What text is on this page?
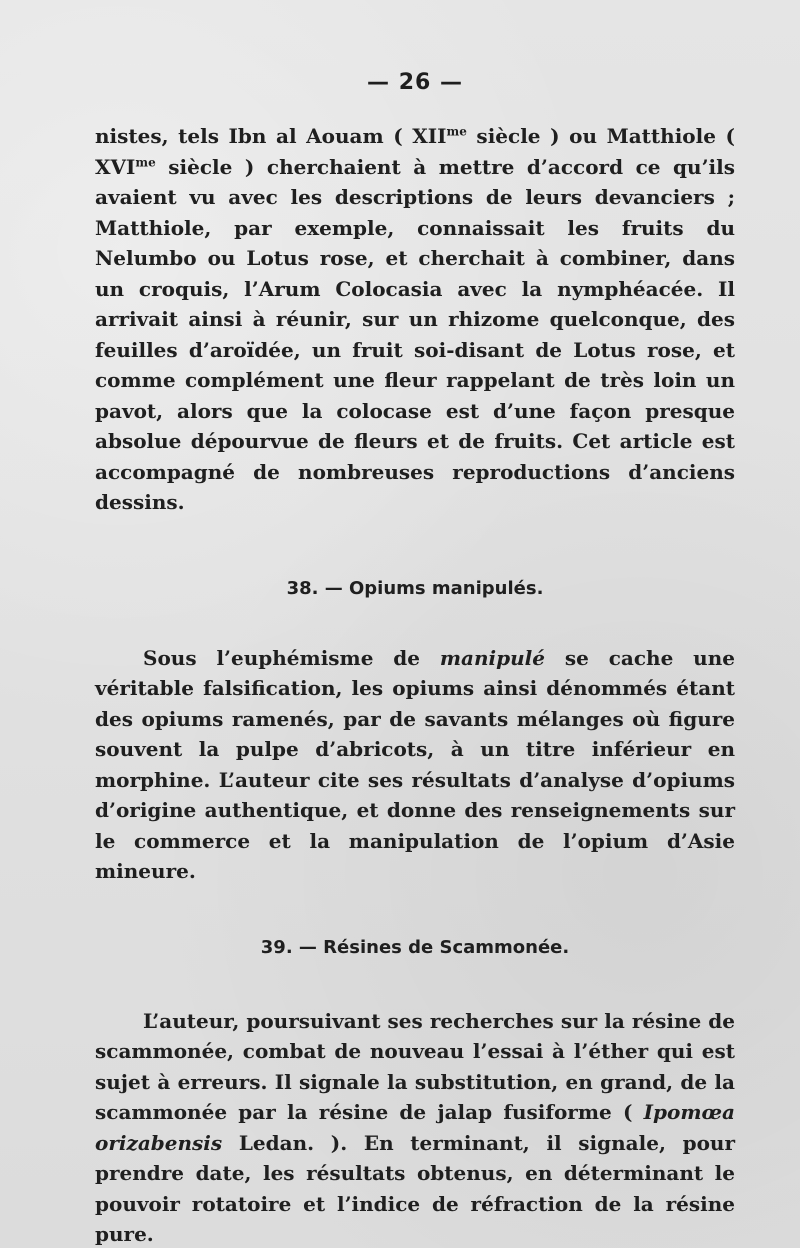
— 26 —

nistes, tels Ibn al Aouam ( $XII^{me}$ siècle ) ou Matthiole ( $XVI^{me}$ siècle ) cherchaient à mettre d’accord ce qu’ils avaient vu avec les descriptions de leurs devanciers ; Matthiole, par exemple, connaissait les fruits du Nelumbo ou Lotus rose, et cherchait à combiner, dans un croquis, l’Arum Colocasia avec la nymphéacée. Il arrivait ainsi à réunir, sur un rhizome quelconque, des feuilles d’aroïdée, un fruit soi-disant de Lotus rose, et comme complément une fleur rappelant de très loin un pavot, alors que la colocase est d’une façon presque absolue dépourvue de fleurs et de fruits. Cet article est accompagné de nombreuses reproductions d’anciens dessins.

38. — Opiums manipulés.

Sous l’euphémisme de manipulé se cache une véritable falsification, les opiums ainsi dénommés étant des opiums ramenés, par de savants mélanges où figure souvent la pulpe d’abricots, à un titre inférieur en morphine. L’auteur cite ses résultats d’analyse d’opiums d’origine authentique, et donne des renseignements sur le commerce et la manipulation de l’opium d’Asie mineure.

39. — Résines de Scammonée.

L’auteur, poursuivant ses recherches sur la résine de scammonée, combat de nouveau l’essai à l’éther qui est sujet à erreurs. Il signale la substitution, en grand, de la scammonée par la résine de jalap fusiforme ( Ipomœa orizabensis Ledan. ). En terminant, il signale, pour prendre date, les résultats obtenus, en déterminant le pouvoir rotatoire et l’indice de réfraction de la résine pure.
